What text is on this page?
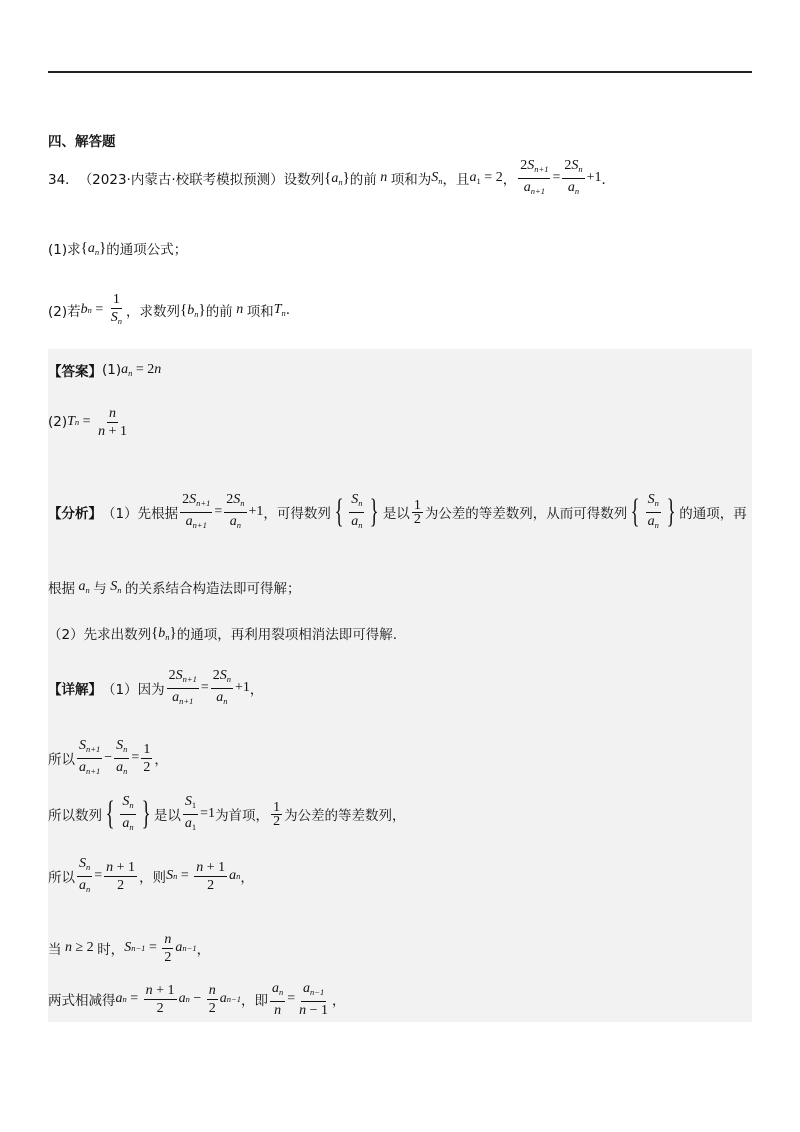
四、解答题
34． （2023·内蒙古·校联考模拟预测） 设数列 $\{a_n\}$ 的前 n 项和为 $S_n$ ，且 $a_1 = 2$ ， $\frac{2S_{n+1}}{a_{n+1}} = \frac{2S_n}{a_n} +1$ ．
(1)求 $\{a_n\}$ 的通项公式；
(2)若 b $n = \frac{1}{S_n}$ ，求数列 $\{b_n\}$ 的前 n 项和 $T_n$ .
【答案】 (1) $a_n = 2n$
(2) T $n = \frac{n}{n + 1}$
【分析】 （1）先根据 $\frac{2S_{n+1}}{a_{n+1}} = \frac{2S_n}{a_n} +1$ ，可得数列 { $\frac{S_n}{a_n}$ } 是以 $\frac{1}{2}$ 为公差的等差数列，从而可得数列 { $\frac{S_n}{a_n}$ } 的通项，再
根据 $a_n$ 与 $S_n$ 的关系结合构造法即可得解；
（2）先求出数列 $\{b_n\}$ 的通项，再利用裂项相消法即可得解.
【详解】 （1）因为 $\frac{2S_{n+1}}{a_{n+1}} = \frac{2S_n}{a_n} +1$ ，
所以 $\frac{S_{n+1}}{a_{n+1}} - \frac{S_n}{a_n} = \frac{1}{2}$ ，
所以数列 { $\frac{S_n}{a_n}$ } 是以 $\frac{S_1}{a_1} =1$ 为首项， $\frac{1}{2}$ 为公差的等差数列，
所以 $\frac{S_n}{a_n} = \frac{n + 1}{2}$ ，则 S $n = \frac{n + 1}{2}$ a n ，
当 n ≥ 2 时， S $n-1 = \frac{n}{2}$ a n−1 ，
两式相减得 a $n = \frac{n + 1}{2}$ a $n - \frac{n}{2}$ a n−1 ，即 $\frac{a_n}{n} = \frac{a_{n-1}}{n - 1}$ ，
